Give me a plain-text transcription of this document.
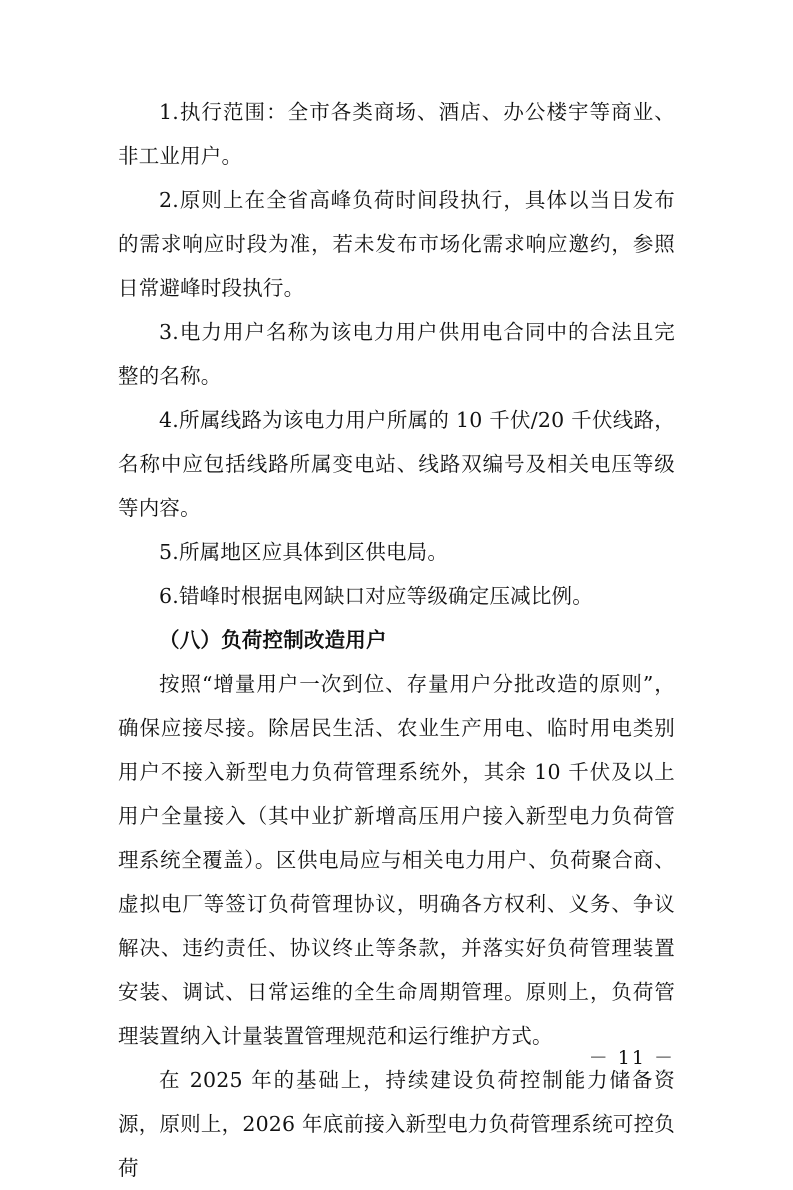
1.执行范围：全市各类商场、酒店、办公楼宇等商业、非工业用户。

2.原则上在全省高峰负荷时间段执行，具体以当日发布的需求响应时段为准，若未发布市场化需求响应邀约，参照日常避峰时段执行。

3.电力用户名称为该电力用户供用电合同中的合法且完整的名称。

4.所属线路为该电力用户所属的 10 千伏/20 千伏线路，名称中应包括线路所属变电站、线路双编号及相关电压等级等内容。

5.所属地区应具体到区供电局。

6.错峰时根据电网缺口对应等级确定压减比例。

（八）负荷控制改造用户

按照“增量用户一次到位、存量用户分批改造的原则”，确保应接尽接。除居民生活、农业生产用电、临时用电类别用户不接入新型电力负荷管理系统外，其余 10 千伏及以上用户全量接入（其中业扩新增高压用户接入新型电力负荷管理系统全覆盖）。区供电局应与相关电力用户、负荷聚合商、虚拟电厂等签订负荷管理协议，明确各方权利、义务、争议解决、违约责任、协议终止等条款，并落实好负荷管理装置安装、调试、日常运维的全生命周期管理。原则上，负荷管理装置纳入计量装置管理规范和运行维护方式。

在 2025 年的基础上，持续建设负荷控制能力储备资源，原则上，2026 年底前接入新型电力负荷管理系统可控负荷

－ 11 －
